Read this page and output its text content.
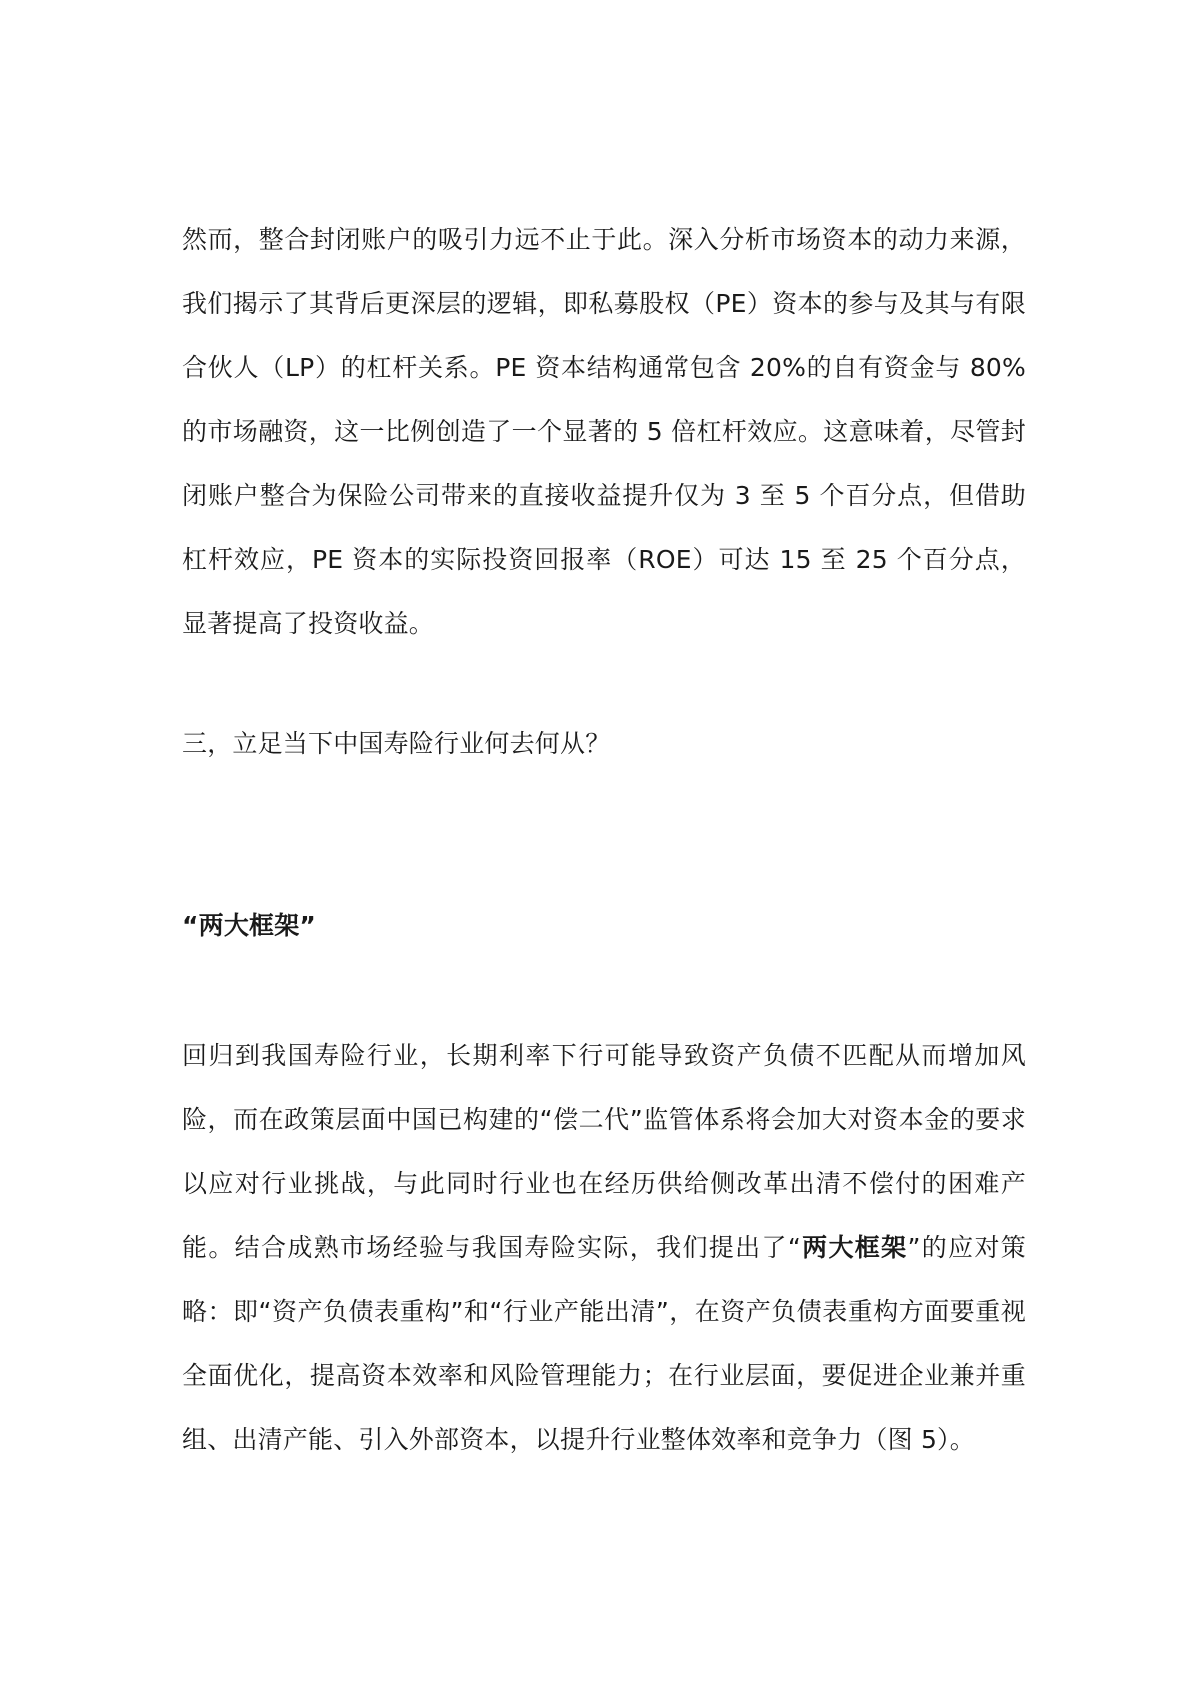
然而，整合封闭账户的吸引力远不止于此。深入分析市场资本的动力来源，我们揭示了其背后更深层的逻辑，即私募股权（PE）资本的参与及其与有限合伙人（LP）的杠杆关系。PE 资本结构通常包含 20%的自有资金与 80%的市场融资，这一比例创造了一个显著的 5 倍杠杆效应。这意味着，尽管封闭账户整合为保险公司带来的直接收益提升仅为 3 至 5 个百分点，但借助杠杆效应，PE 资本的实际投资回报率（ROE）可达 15 至 25 个百分点，显著提高了投资收益。

三，立足当下中国寿险行业何去何从？

“两大框架”

回归到我国寿险行业，长期利率下行可能导致资产负债不匹配从而增加风险，而在政策层面中国已构建的“偿二代”监管体系将会加大对资本金的要求以应对行业挑战，与此同时行业也在经历供给侧改革出清不偿付的困难产能。结合成熟市场经验与我国寿险实际，我们提出了“两大框架”的应对策略：即“资产负债表重构”和“行业产能出清”，在资产负债表重构方面要重视全面优化，提高资本效率和风险管理能力；在行业层面，要促进企业兼并重组、出清产能、引入外部资本，以提升行业整体效率和竞争力（图 5）。
